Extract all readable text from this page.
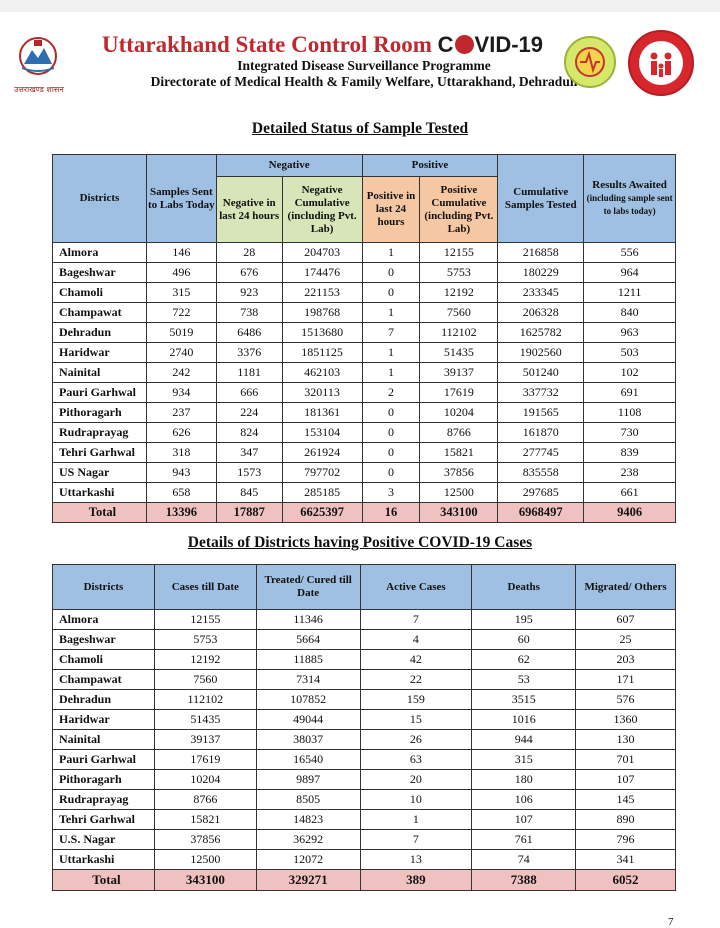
उत्तराखण्ड शासन
Uttarakhand State Control Room C VID-19
Integrated Disease Surveillance Programme
Directorate of Medical Health & Family Welfare, Uttarakhand, Dehradun
Detailed Status of Sample Tested
Districts	Samples Sent to Labs Today	Negative		Positive		Cumulative Samples Tested	Results Awaited
(including sample sent to labs today)

		Negative in last 24 hours	Negative Cumulative (including Pvt. Lab)	Positive in last 24 hours	Positive Cumulative (including Pvt. Lab)		
Almora	146	28	204703	1	12155	216858	556
Bageshwar	496	676	174476	0	5753	180229	964
Chamoli	315	923	221153	0	12192	233345	1211
Champawat	722	738	198768	1	7560	206328	840
Dehradun	5019	6486	1513680	7	112102	1625782	963
Haridwar	2740	3376	1851125	1	51435	1902560	503
Nainital	242	1181	462103	1	39137	501240	102
Pauri Garhwal	934	666	320113	2	17619	337732	691
Pithoragarh	237	224	181361	0	10204	191565	1108
Rudraprayag	626	824	153104	0	8766	161870	730
Tehri Garhwal	318	347	261924	0	15821	277745	839
US Nagar	943	1573	797702	0	37856	835558	238
Uttarkashi	658	845	285185	3	12500	297685	661
Total	13396	17887	6625397	16	343100	6968497	9406
Details of Districts having Positive COVID-19 Cases
Districts	Cases till Date	Treated/ Cured till Date	Active Cases	Deaths	Migrated/ Others
Almora	12155	11346	7	195	607
Bageshwar	5753	5664	4	60	25
Chamoli	12192	11885	42	62	203
Champawat	7560	7314	22	53	171
Dehradun	112102	107852	159	3515	576
Haridwar	51435	49044	15	1016	1360
Nainital	39137	38037	26	944	130
Pauri Garhwal	17619	16540	63	315	701
Pithoragarh	10204	9897	20	180	107
Rudraprayag	8766	8505	10	106	145
Tehri Garhwal	15821	14823	1	107	890
U.S. Nagar	37856	36292	7	761	796
Uttarkashi	12500	12072	13	74	341
Total	343100	329271	389	7388	6052
7
